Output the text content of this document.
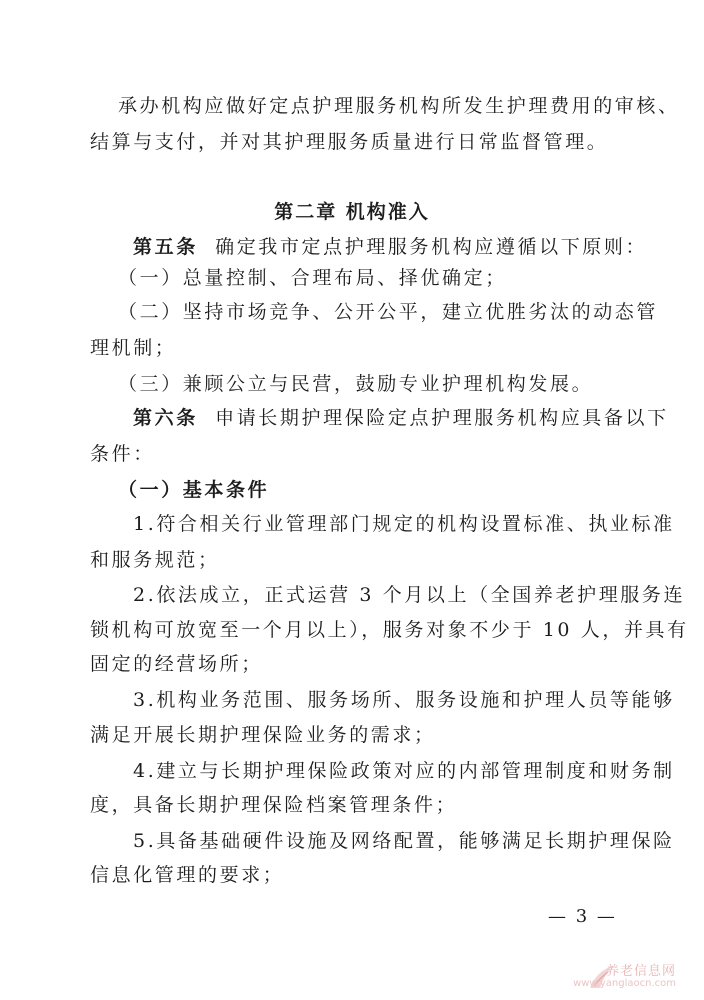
承办机构应做好定点护理服务机构所发生护理费用的审核、
结算与支付，并对其护理服务质量进行日常监督管理。
第二章 机构准入
第五条 确定我市定点护理服务机构应遵循以下原则：
（一）总量控制、合理布局、择优确定；
（二）坚持市场竞争、公开公平，建立优胜劣汰的动态管
理机制；
（三）兼顾公立与民营，鼓励专业护理机构发展。
第六条 申请长期护理保险定点护理服务机构应具备以下
条件：
（一）基本条件
1.符合相关行业管理部门规定的机构设置标准、执业标准
和服务规范；
2.依法成立，正式运营 3 个月以上（全国养老护理服务连
锁机构可放宽至一个月以上），服务对象不少于 10 人，并具有
固定的经营场所；
3.机构业务范围、服务场所、服务设施和护理人员等能够
满足开展长期护理保险业务的需求；
4.建立与长期护理保险政策对应的内部管理制度和财务制
度，具备长期护理保险档案管理条件；
5.具备基础硬件设施及网络配置，能够满足长期护理保险
信息化管理的要求；
— 3 —
养老信息网
www.yanglaocn.com
